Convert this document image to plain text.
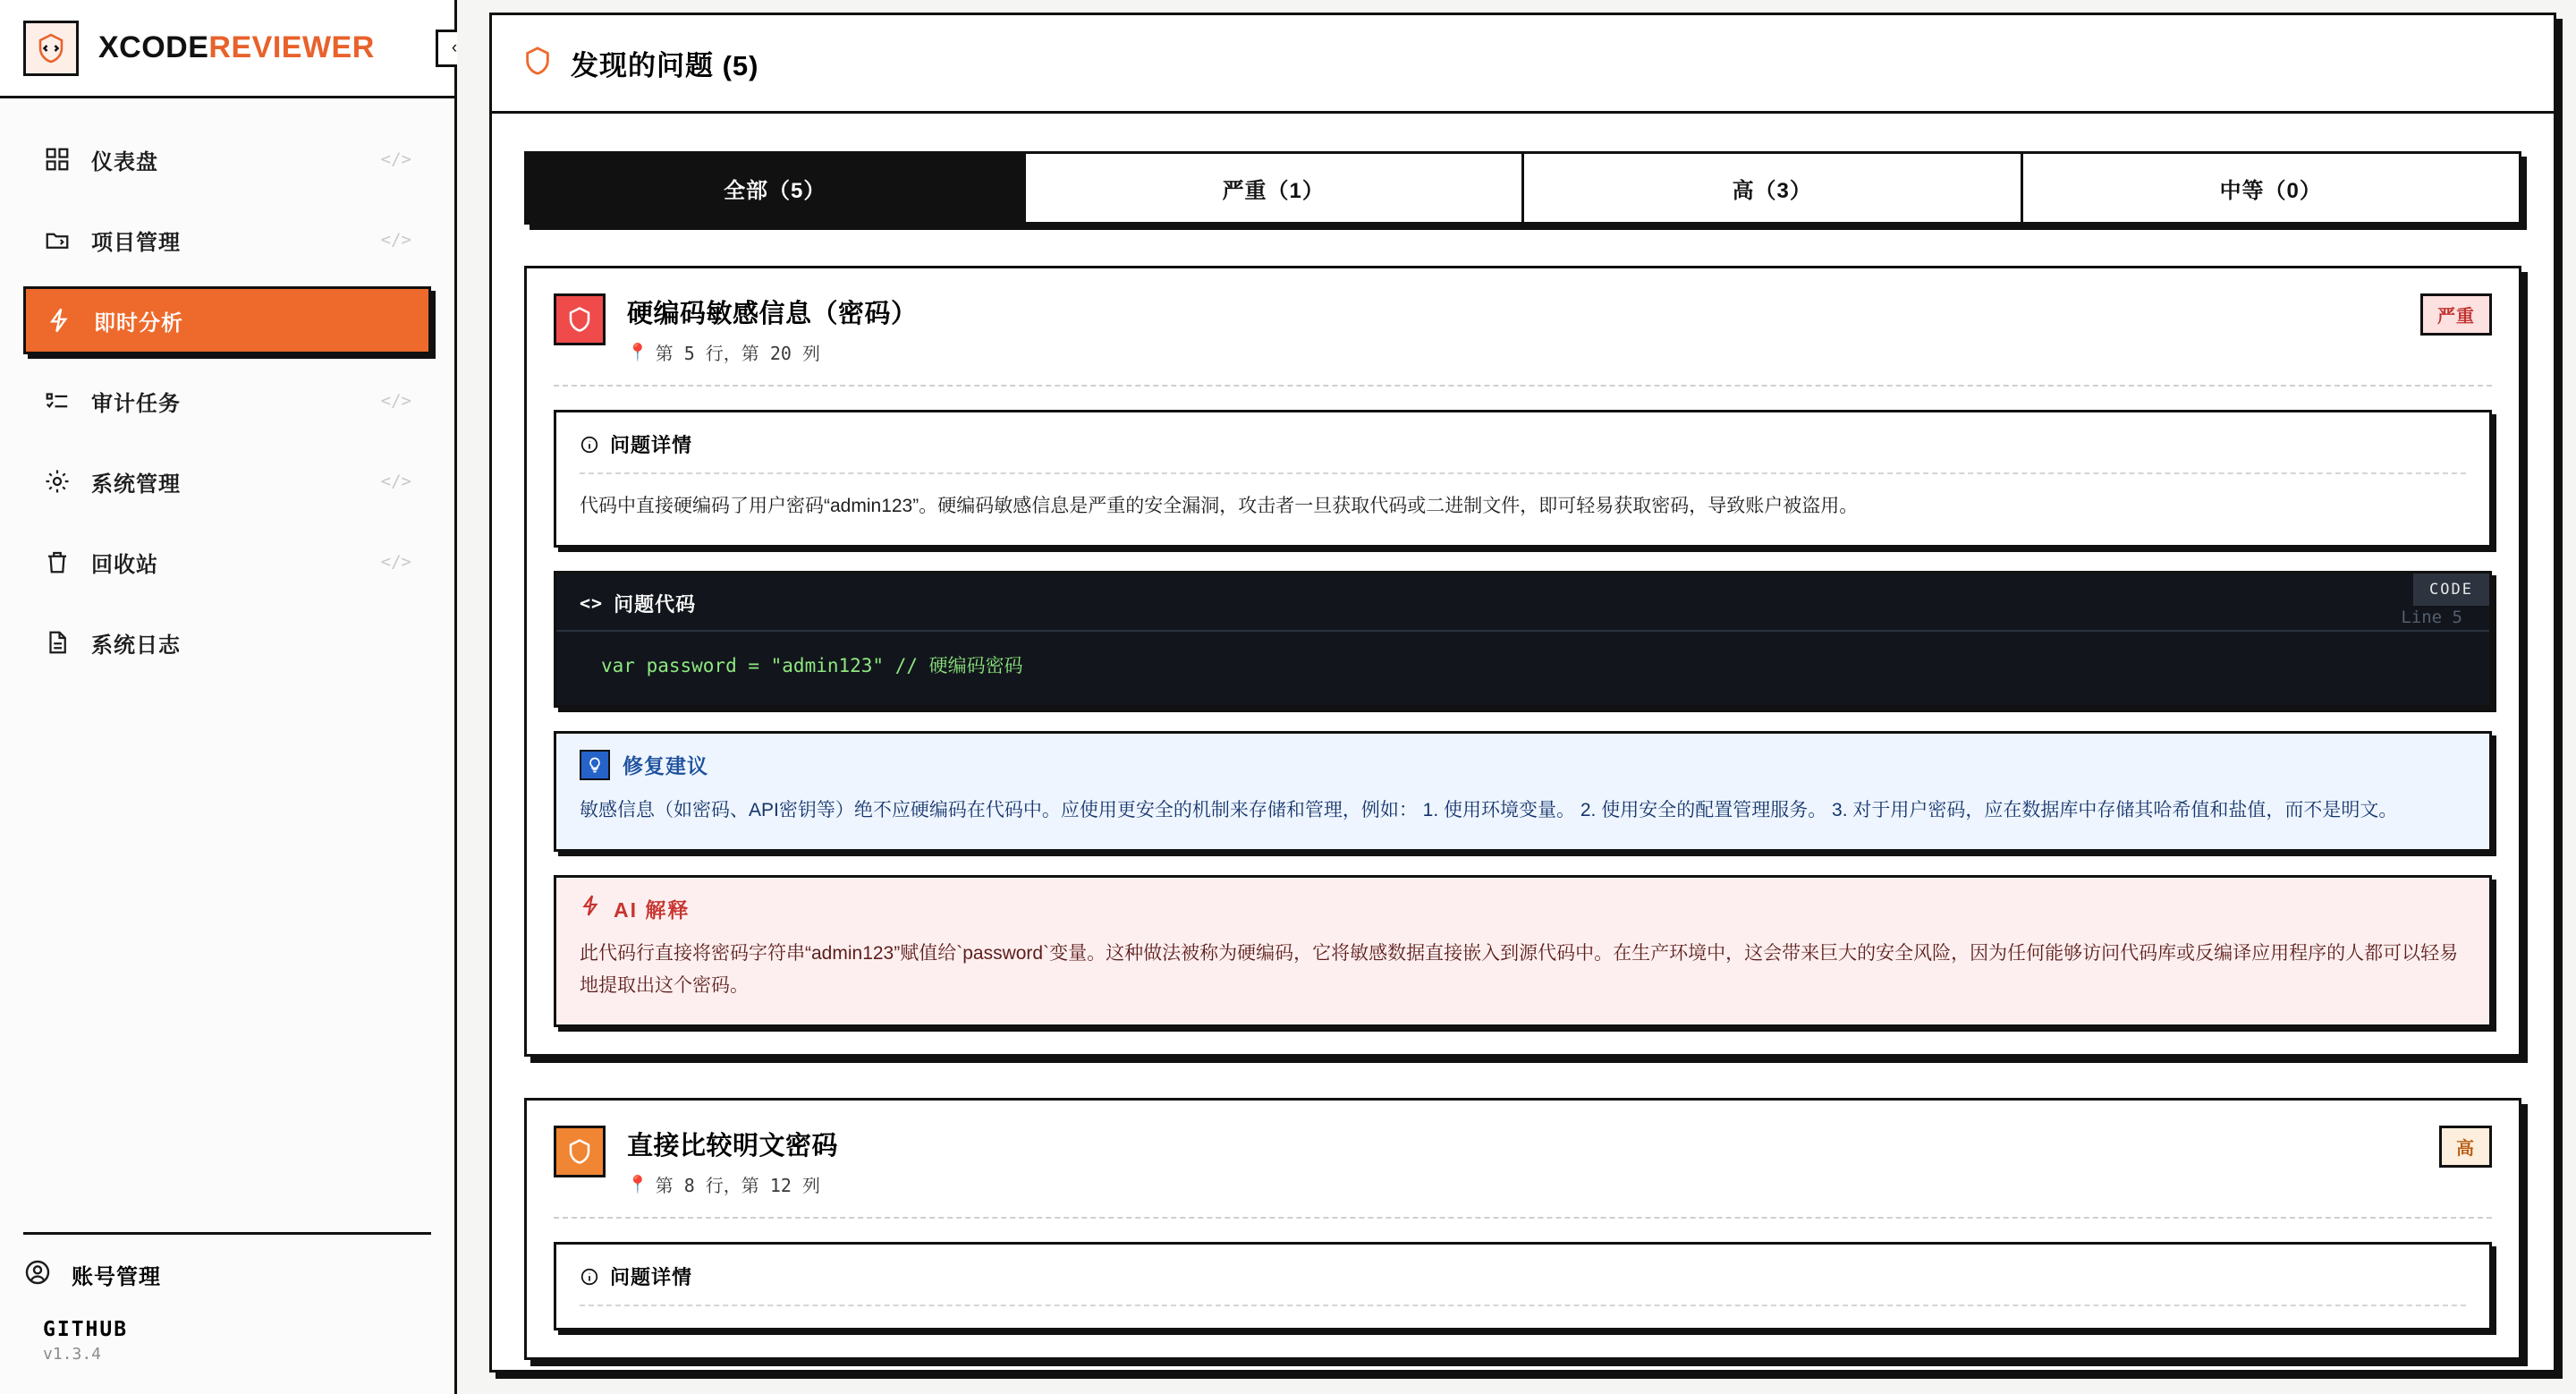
XCODEREVIEWER	‹
仪表盘	</>
项目管理	</>
即时分析
审计任务	</>
系统管理	</>
回收站	</>
系统日志
账号管理
GITHUB
v1.3.4
发现的问题 (5)
全部（5）	严重（1）	高（3）	中等（0）
硬编码敏感信息（密码）
📍 第 5 行，第 20 列
严重
问题详情
代码中直接硬编码了用户密码“admin123”。硬编码敏感信息是严重的安全漏洞，攻击者一旦获取代码或二进制文件，即可轻易获取密码，导致账户被盗用。
CODE
<> 问题代码
Line 5
var password = "admin123" // 硬编码密码
修复建议
敏感信息（如密码、API密钥等）绝不应硬编码在代码中。应使用更安全的机制来存储和管理，例如： 1. 使用环境变量。 2. 使用安全的配置管理服务。 3. 对于用户密码，应在数据库中存储其哈希值和盐值，而不是明文。
AI 解释
此代码行直接将密码字符串“admin123”赋值给`password`变量。这种做法被称为硬编码，它将敏感数据直接嵌入到源代码中。在生产环境中，这会带来巨大的安全风险，因为任何能够访问代码库或反编译应用程序的人都可以轻易地提取出这个密码。
直接比较明文密码
📍 第 8 行，第 12 列
高
问题详情
